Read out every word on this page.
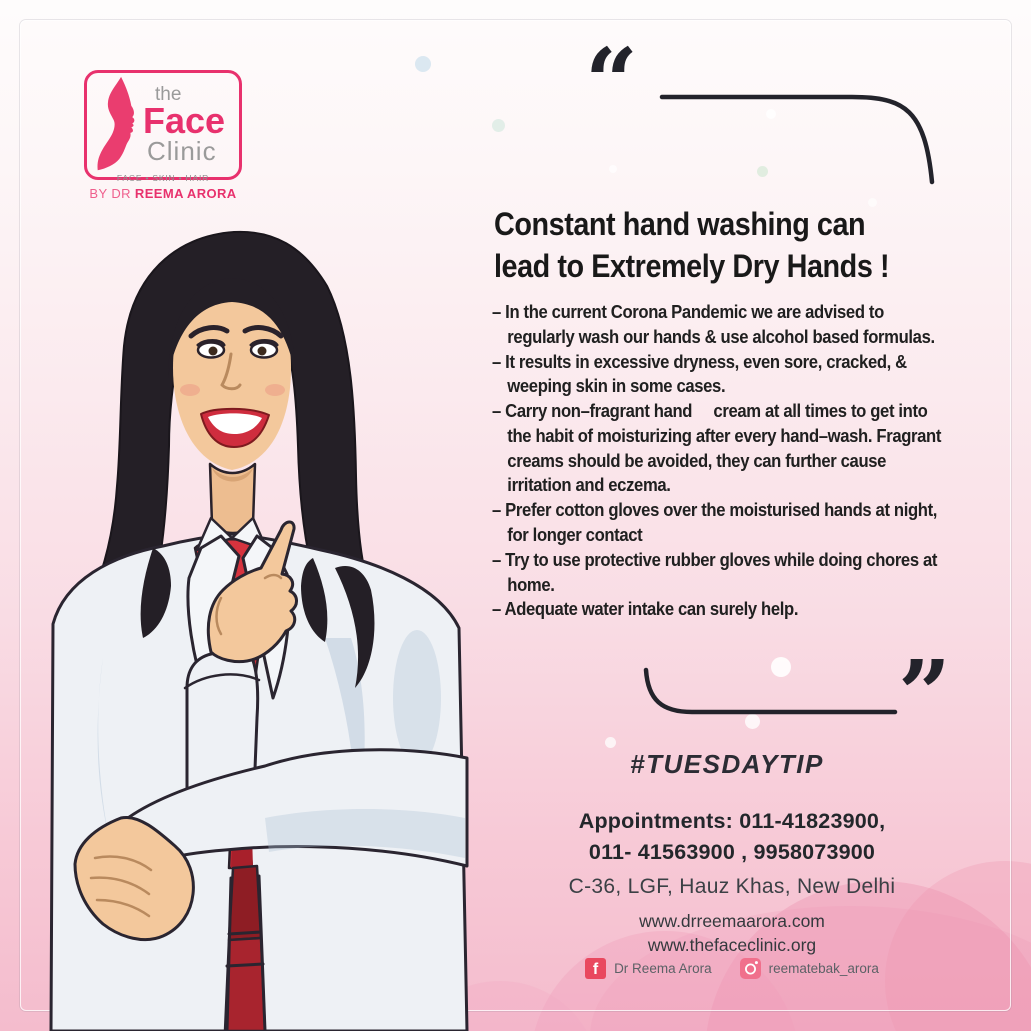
the
Face
Clinic
FACE • SKIN • HAIR
BY DR REEMA ARORA
“
”
Constant hand washing can
lead to Extremely Dry Hands !
– In the current Corona Pandemic we are advised to regularly wash our hands & use alcohol based formulas.
– It results in excessive dryness, even sore, cracked, & weeping skin in some cases.
– Carry non–fragrant hand     cream at all times to get into the habit of moisturizing after every hand–wash. Fragrant creams should be avoided, they can further cause irritation and eczema.
– Prefer cotton gloves over the moisturised hands at night, for longer contact
– Try to use protective rubber gloves while doing chores at home.
– Adequate water intake can surely help.
#TUESDAYTIP
Appointments: 011-41823900,
011- 41563900 , 9958073900
C-36, LGF, Hauz Khas, New Delhi
www.drreemaarora.com
www.thefaceclinic.org
f	Dr Reema Arora	reematebak_arora
